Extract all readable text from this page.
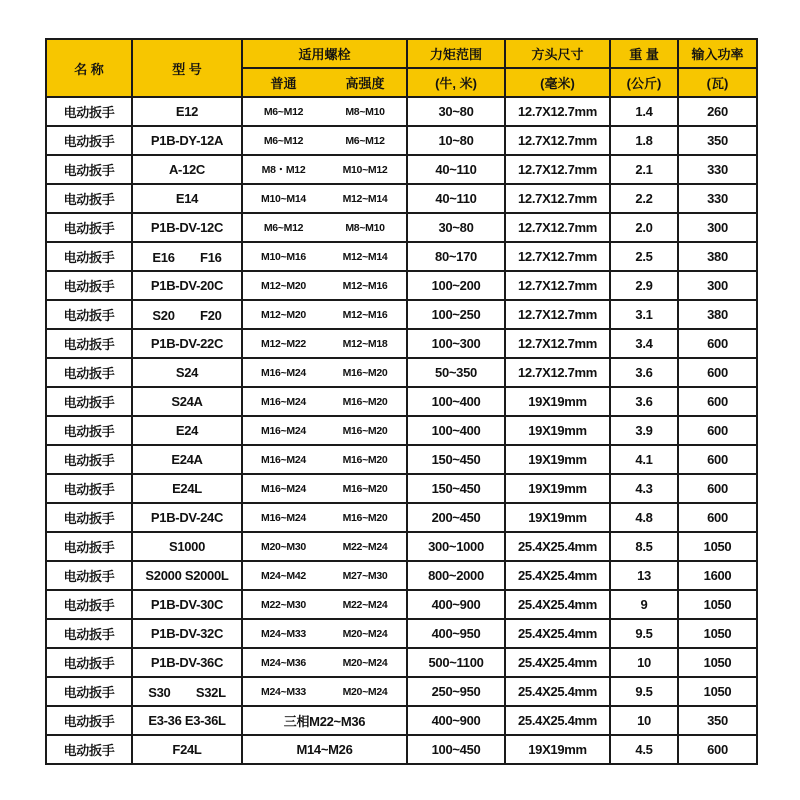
名 称	型 号	适用螺栓		力矩范围	方头尺寸	重 量	输入功率
		普通	高强度	(牛, 米)	(毫米)	(公斤)	(瓦)
电动扳手	E12	M6~M12	M8~M10	30~80	12.7X12.7mm	1.4	260
电动扳手	P1B-DY-12A	M6~M12	M6~M12	10~80	12.7X12.7mm	1.8	350
电动扳手	A-12C	M8・M12	M10~M12	40~110	12.7X12.7mm	2.1	330
电动扳手	E14	M10~M14	M12~M14	40~110	12.7X12.7mm	2.2	330
电动扳手	P1B-DV-12C	M6~M12	M8~M10	30~80	12.7X12.7mm	2.0	300
电动扳手	E16　　F16	M10~M16	M12~M14	80~170	12.7X12.7mm	2.5	380
电动扳手	P1B-DV-20C	M12~M20	M12~M16	100~200	12.7X12.7mm	2.9	300
电动扳手	S20　　F20	M12~M20	M12~M16	100~250	12.7X12.7mm	3.1	380
电动扳手	P1B-DV-22C	M12~M22	M12~M18	100~300	12.7X12.7mm	3.4	600
电动扳手	S24	M16~M24	M16~M20	50~350	12.7X12.7mm	3.6	600
电动扳手	S24A	M16~M24	M16~M20	100~400	19X19mm	3.6	600
电动扳手	E24	M16~M24	M16~M20	100~400	19X19mm	3.9	600
电动扳手	E24A	M16~M24	M16~M20	150~450	19X19mm	4.1	600
电动扳手	E24L	M16~M24	M16~M20	150~450	19X19mm	4.3	600
电动扳手	P1B-DV-24C	M16~M24	M16~M20	200~450	19X19mm	4.8	600
电动扳手	S1000	M20~M30	M22~M24	300~1000	25.4X25.4mm	8.5	1050
电动扳手	S2000 S2000L	M24~M42	M27~M30	800~2000	25.4X25.4mm	13	1600
电动扳手	P1B-DV-30C	M22~M30	M22~M24	400~900	25.4X25.4mm	9	1050
电动扳手	P1B-DV-32C	M24~M33	M20~M24	400~950	25.4X25.4mm	9.5	1050
电动扳手	P1B-DV-36C	M24~M36	M20~M24	500~1100	25.4X25.4mm	10	1050
电动扳手	S30　　S32L	M24~M33	M20~M24	250~950	25.4X25.4mm	9.5	1050
电动扳手	E3-36 E3-36L	三相M22~M36		400~900	25.4X25.4mm	10	350
电动扳手	F24L	M14~M26		100~450	19X19mm	4.5	600
